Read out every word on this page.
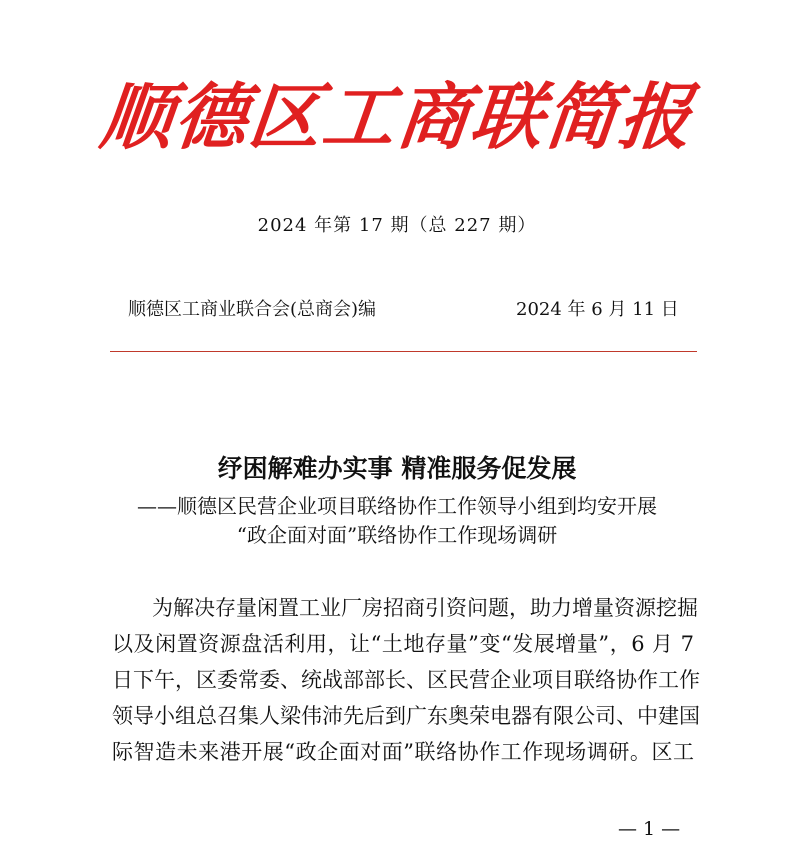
顺德区工商联简报
2024 年第 17 期（总 227 期）
顺德区工商业联合会(总商会)编	2024 年 6 月 11 日
纾困解难办实事 精准服务促发展
——顺德区民营企业项目联络协作工作领导小组到均安开展
“政企面对面”联络协作工作现场调研
为解决存量闲置工业厂房招商引资问题，助力增量资源挖掘
以及闲置资源盘活利用，让“土地存量”变“发展增量”，6 月 7
日下午，区委常委、统战部部长、区民营企业项目联络协作工作
领导小组总召集人梁伟沛先后到广东奥荣电器有限公司、中建国
际智造未来港开展“政企面对面”联络协作工作现场调研。区工
— 1 —
